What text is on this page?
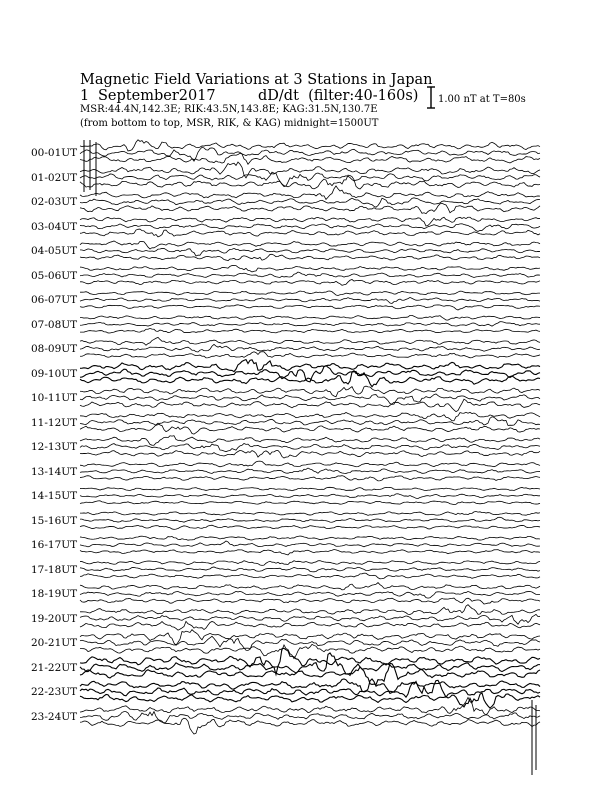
Magnetic Field Variations at 3 Stations in Japan
1 September2017	dD/dt (filter:40-160s)
MSR:44.4N,142.3E; RIK:43.5N,143.8E; KAG:31.5N,130.7E
(from bottom to top, MSR, RIK, & KAG) midnight=1500UT
1.00 nT at T=80s
00-01UT
01-02UT
02-03UT
03-04UT
04-05UT
05-06UT
06-07UT
07-08UT
08-09UT
09-10UT
10-11UT
11-12UT
12-13UT
13-14UT
14-15UT
15-16UT
16-17UT
17-18UT
18-19UT
19-20UT
20-21UT
21-22UT
22-23UT
23-24UT
